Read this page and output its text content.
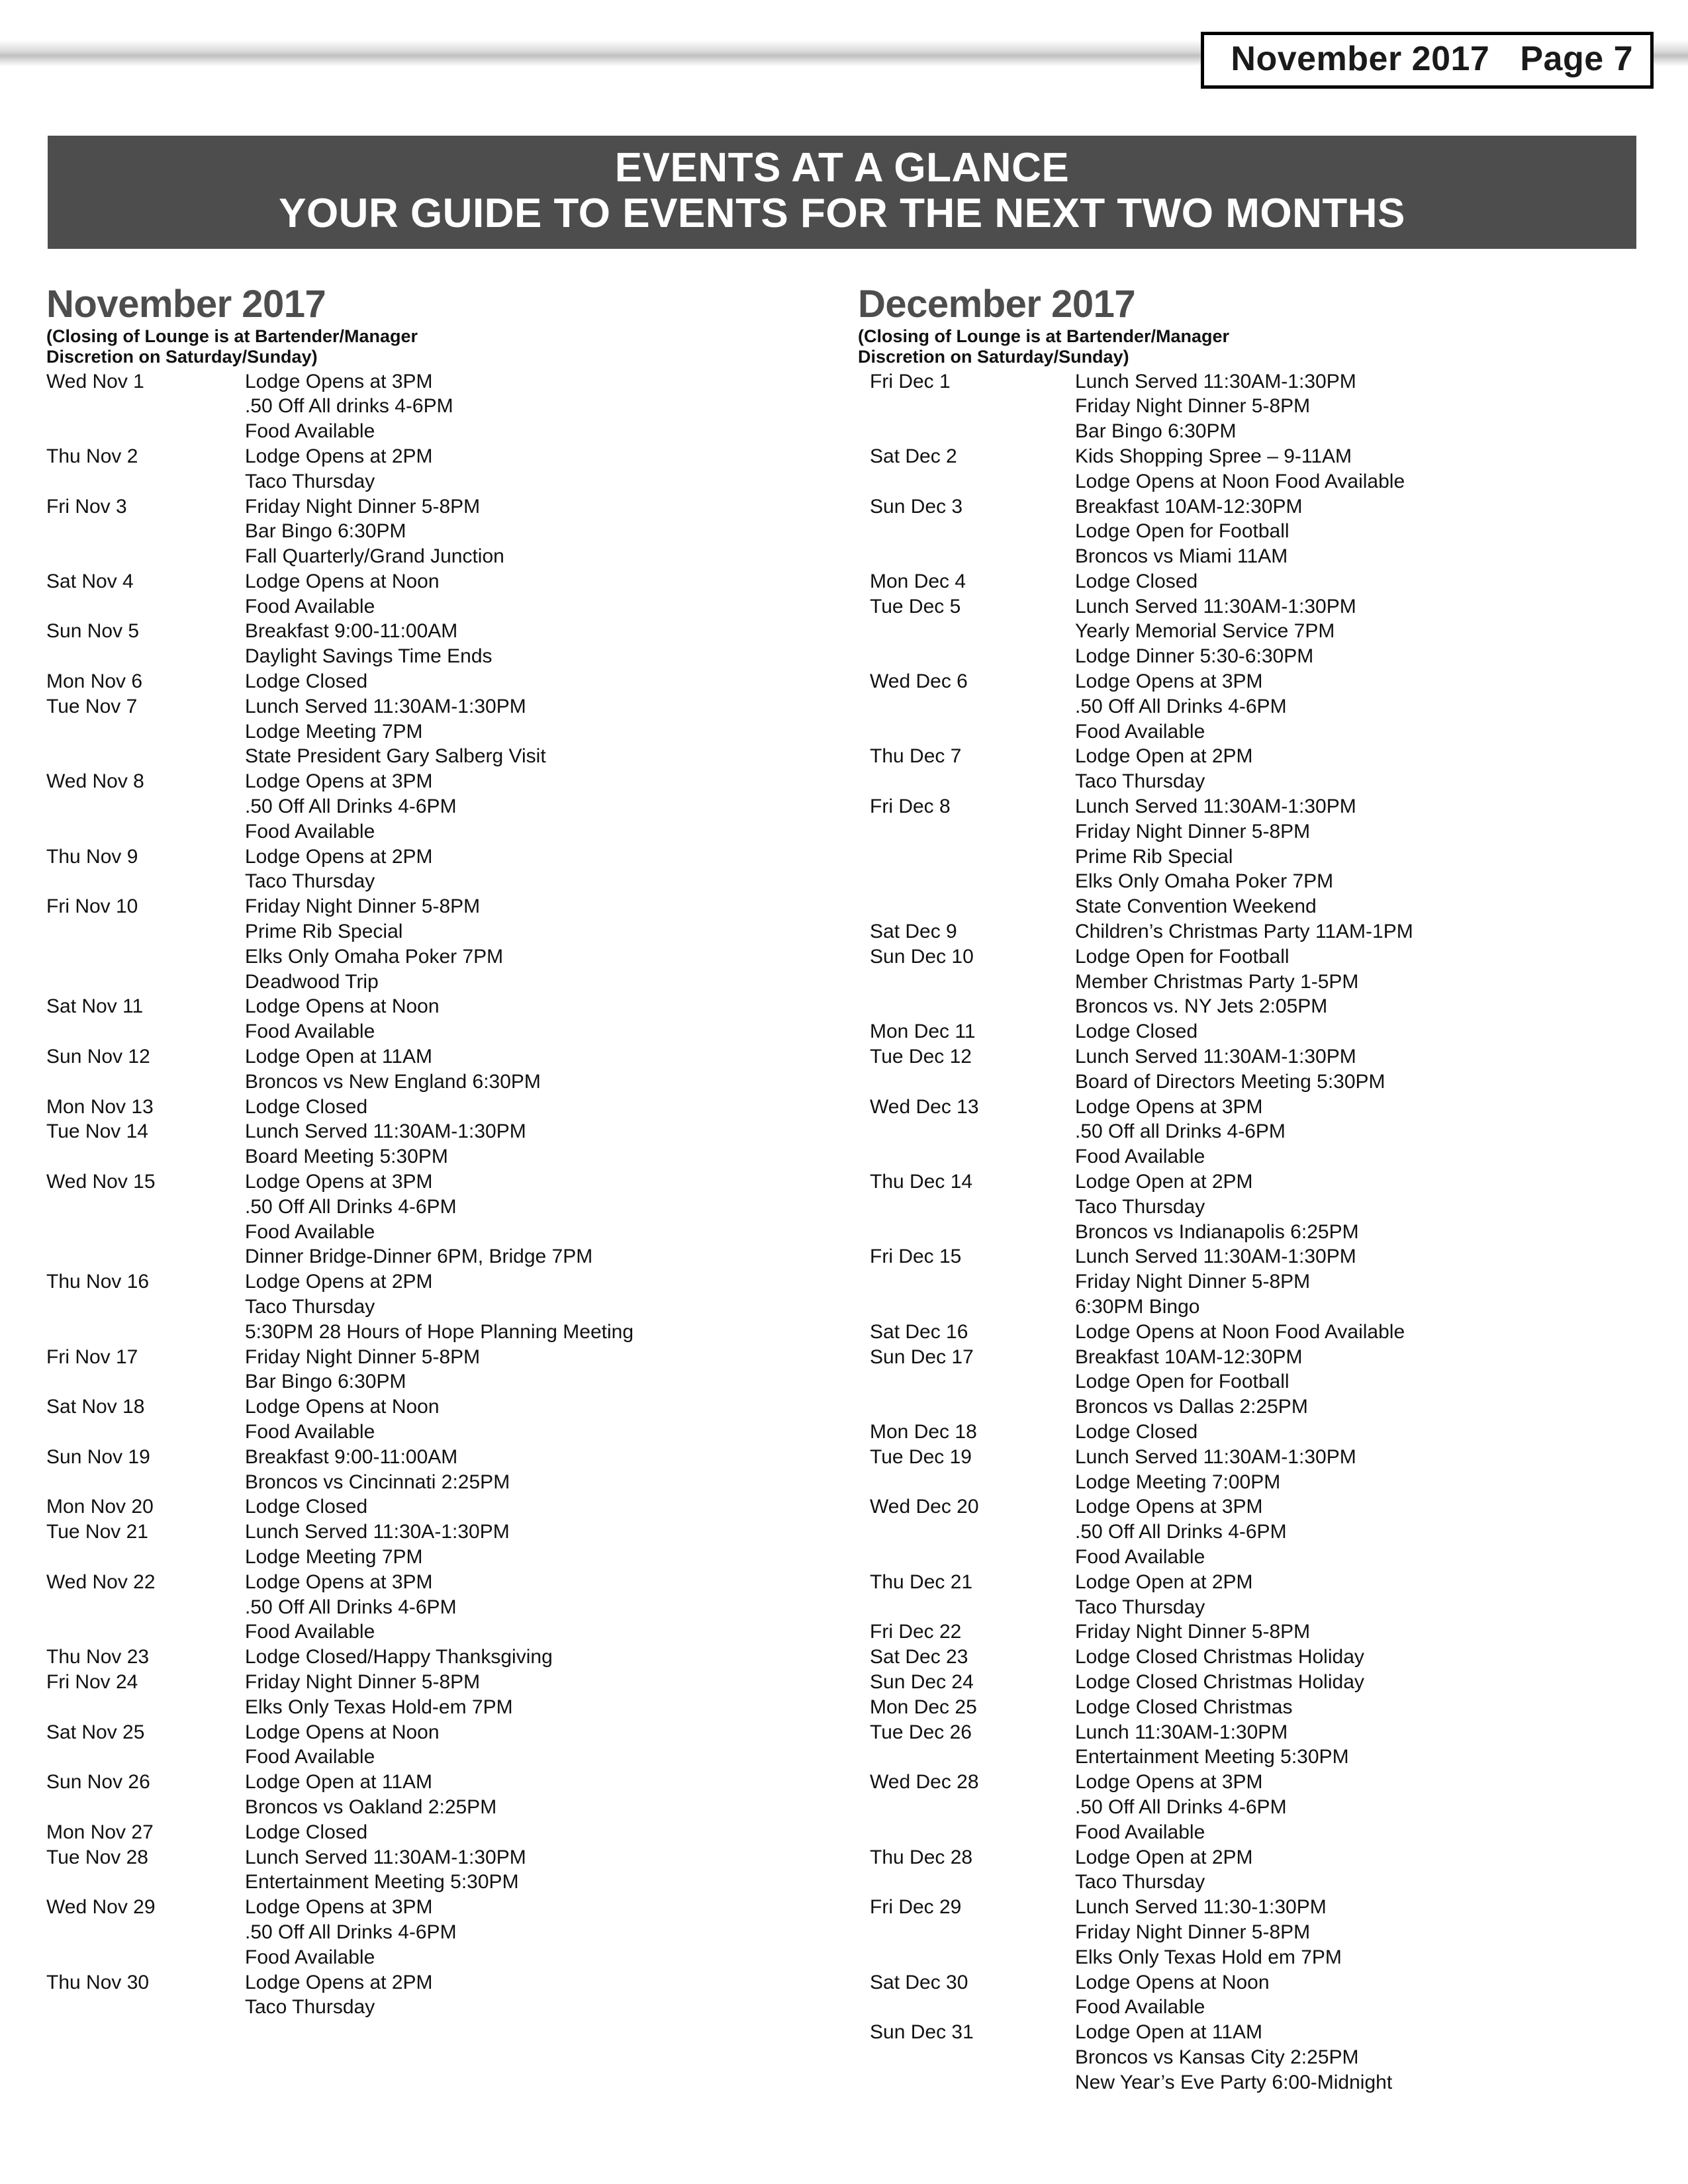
November 2017 Page 7
EVENTS AT A GLANCE
YOUR GUIDE TO EVENTS FOR THE NEXT TWO MONTHS
November 2017
(Closing of Lounge is at Bartender/Manager
Discretion on Saturday/Sunday)
Wed Nov 1	Lodge Opens at 3PM
.50 Off All drinks 4-6PM
Food Available

Thu Nov 2	Lodge Opens at 2PM
Taco Thursday

Fri Nov 3	Friday Night Dinner 5-8PM
Bar Bingo 6:30PM
Fall Quarterly/Grand Junction

Sat Nov 4	Lodge Opens at Noon
Food Available

Sun Nov 5	Breakfast 9:00-11:00AM
Daylight Savings Time Ends

Mon Nov 6	Lodge Closed

Tue Nov 7	Lunch Served 11:30AM-1:30PM
Lodge Meeting 7PM
State President Gary Salberg Visit

Wed Nov 8	Lodge Opens at 3PM
.50 Off All Drinks 4-6PM
Food Available

Thu Nov 9	Lodge Opens at 2PM
Taco Thursday

Fri Nov 10	Friday Night Dinner 5-8PM
Prime Rib Special
Elks Only Omaha Poker 7PM
Deadwood Trip

Sat Nov 11	Lodge Opens at Noon
Food Available

Sun Nov 12	Lodge Open at 11AM
Broncos vs New England 6:30PM

Mon Nov 13	Lodge Closed

Tue Nov 14	Lunch Served 11:30AM-1:30PM
Board Meeting 5:30PM

Wed Nov 15	Lodge Opens at 3PM
.50 Off All Drinks 4-6PM
Food Available
Dinner Bridge-Dinner 6PM, Bridge 7PM

Thu Nov 16	Lodge Opens at 2PM
Taco Thursday
5:30PM 28 Hours of Hope Planning Meeting

Fri Nov 17	Friday Night Dinner 5-8PM
Bar Bingo 6:30PM

Sat Nov 18	Lodge Opens at Noon
Food Available

Sun Nov 19	Breakfast 9:00-11:00AM
Broncos vs Cincinnati 2:25PM

Mon Nov 20	Lodge Closed

Tue Nov 21	Lunch Served 11:30A-1:30PM
Lodge Meeting 7PM

Wed Nov 22	Lodge Opens at 3PM
.50 Off All Drinks 4-6PM
Food Available

Thu Nov 23	Lodge Closed/Happy Thanksgiving

Fri Nov 24	Friday Night Dinner 5-8PM
Elks Only Texas Hold-em 7PM

Sat Nov 25	Lodge Opens at Noon
Food Available

Sun Nov 26	Lodge Open at 11AM
Broncos vs Oakland 2:25PM

Mon Nov 27	Lodge Closed

Tue Nov 28	Lunch Served 11:30AM-1:30PM
Entertainment Meeting 5:30PM

Wed Nov 29	Lodge Opens at 3PM
.50 Off All Drinks 4-6PM
Food Available

Thu Nov 30	Lodge Opens at 2PM
Taco Thursday
December 2017
(Closing of Lounge is at Bartender/Manager
Discretion on Saturday/Sunday)
Fri Dec 1	Lunch Served 11:30AM-1:30PM
Friday Night Dinner 5-8PM
Bar Bingo 6:30PM

Sat Dec 2	Kids Shopping Spree – 9-11AM
Lodge Opens at Noon Food Available

Sun Dec 3	Breakfast 10AM-12:30PM
Lodge Open for Football
Broncos vs Miami 11AM

Mon Dec 4	Lodge Closed

Tue Dec 5	Lunch Served 11:30AM-1:30PM
Yearly Memorial Service 7PM
Lodge Dinner 5:30-6:30PM

Wed Dec 6	Lodge Opens at 3PM
.50 Off All Drinks 4-6PM
Food Available

Thu Dec 7	Lodge Open at 2PM
Taco Thursday

Fri Dec 8	Lunch Served 11:30AM-1:30PM
Friday Night Dinner 5-8PM
Prime Rib Special
Elks Only Omaha Poker 7PM
State Convention Weekend

Sat Dec 9	Children’s Christmas Party 11AM-1PM

Sun Dec 10	Lodge Open for Football
Member Christmas Party 1-5PM
Broncos vs. NY Jets 2:05PM

Mon Dec 11	Lodge Closed

Tue Dec 12	Lunch Served 11:30AM-1:30PM
Board of Directors Meeting 5:30PM

Wed Dec 13	Lodge Opens at 3PM
.50 Off all Drinks 4-6PM
Food Available

Thu Dec 14	Lodge Open at 2PM
Taco Thursday
Broncos vs Indianapolis 6:25PM

Fri Dec 15	Lunch Served 11:30AM-1:30PM
Friday Night Dinner 5-8PM
6:30PM Bingo

Sat Dec 16	Lodge Opens at Noon Food Available

Sun Dec 17	Breakfast 10AM-12:30PM
Lodge Open for Football
Broncos vs Dallas 2:25PM

Mon Dec 18	Lodge Closed

Tue Dec 19	Lunch Served 11:30AM-1:30PM
Lodge Meeting 7:00PM

Wed Dec 20	Lodge Opens at 3PM
.50 Off All Drinks 4-6PM
Food Available

Thu Dec 21	Lodge Open at 2PM
Taco Thursday

Fri Dec 22	Friday Night Dinner 5-8PM

Sat Dec 23	Lodge Closed Christmas Holiday

Sun Dec 24	Lodge Closed Christmas Holiday

Mon Dec 25	Lodge Closed Christmas

Tue Dec 26	Lunch 11:30AM-1:30PM
Entertainment Meeting 5:30PM

Wed Dec 28	Lodge Opens at 3PM
.50 Off All Drinks 4-6PM
Food Available

Thu Dec 28	Lodge Open at 2PM
Taco Thursday

Fri Dec 29	Lunch Served 11:30-1:30PM
Friday Night Dinner 5-8PM
Elks Only Texas Hold em 7PM

Sat Dec 30	Lodge Opens at Noon
Food Available

Sun Dec 31	Lodge Open at 11AM
Broncos vs Kansas City 2:25PM
New Year’s Eve Party 6:00-Midnight
